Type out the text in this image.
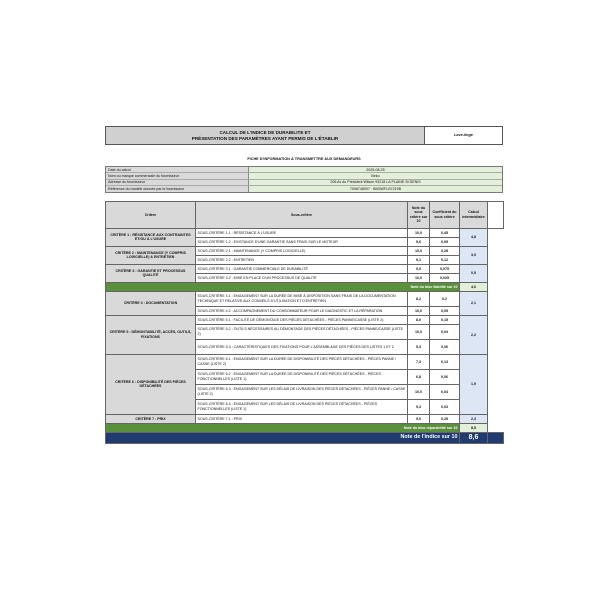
CALCUL DE L'INDICE DE DURABILITE ET
PRÉSENTATION DES PARAMÈTRES AYANT PERMIS DE L'ÉTABLIR
Lave-linge
FICHE D'INFORMATION À TRANSMETTRE AUX DEMANDEURS
Date du calcul	2025-08-25
Nom ou marque commerciale du fournisseur	Beko
Adresse du fournisseur	206 Av du Président Wilson 93218 LA PLAINE St DENIS
Référence du modèle donnée par le fournisseur	7006748007 · BM3WFU37215B
Critère	Sous-critère	Note du sous critère sur 10	Coefficient du sous critère	Calcul intermédiaire	
CRITÈRE 1 : RÉSISTANCE AUX CONTRAINTES ET/OU À L'USURE	SOUS-CRITÈRE 1.1 : RÉSISTANCE À L'USURE	10,0	0,45	4,8	
	SOUS-CRITÈRE 1.2 : EXISTANCE D'UNE GARANTIE SANS FRAIS SUR LE MOTEUR	5,6	0,05		
CRITÈRE 2 : MAINTENANCE (Y COMPRIS LOGICIELLE) & ENTRETIEN	SOUS-CRITÈRE 2.1 : MAINTENANCE (Y COMPRIS LOGICIELLE)	10,0	0,28	3,9	
	SOUS-CRITÈRE 2.2 : ENTRETIEN	9,1	0,12		
CRITÈRE 3 : GARANTIE ET PROCESSUS QUALITÉ	SOUS-CRITÈRE 3.1 : GARANTIE COMMERCIALE DE DURABILITÉ	0,0	0,075	0,5	
	SOUS-CRITÈRE 3.2 : MISE EN PLACE D'UN PROCESSUS DE QUALITÉ	10,0	0,025		
Note du bloc fiabilité sur 10				4,6	
CRITÈRE 4 : DOCUMENTATION	SOUS-CRITÈRE 4.1 : ENGAGEMENT SUR LA DURÉE DE MISE À DISPOSITION SANS FRAIS DE LA DOCUMENTATION TECHNIQUE ET RELATIVE AUX CONSEILS D'UTILISATION ET D'ENTRETIEN	8,2	0,2	2,1	
	SOUS-CRITÈRE 4.2 : ACCOMPAGNEMENT DU CONSOMMATEUR POUR LE DIAGNOSTIC ET LA RÉPARATION	10,0	0,05		
CRITÈRE 5 : DÉMONTABILITÉ, ACCÈS, OUTILS, FIXATIONS	SOUS-CRITÈRE 5.1 : FACILITÉ DE DÉMONTAGE DES PIÈCES DÉTACHÉES - PIÈCES PANNE/CASSE (LISTE 2)	8,0	0,15	2,2	
	SOUS-CRITÈRE 5.2 : OUTILS NÉCESSAIRES AU DÉMONTAGE DES PIÈCES DÉTACHÉES - PIÈCES PANNE/CASSE (LISTE 2)	10,0	0,04		
	SOUS-CRITÈRE 5.3 : CARACTÉRISTIQUES DES FIXATIONS POUR L'ASSEMBLAGE DES PIÈCES DES LISTES 1 ET 2	5,3	0,06		
CRITÈRE 6 : DISPONIBILITÉ DES PIÈCES DÉTACHÉES	SOUS-CRITÈRE 6.1 : ENGAGEMENT SUR LA DURÉE DE DISPONIBILITÉ DES PIÈCES DÉTACHÉES - PIÈCES PANNE / CASSE (LISTE 2)	7,3	0,13	1,9	
	SOUS-CRITÈRE 6.2 : ENGAGEMENT SUR LA DURÉE DE DISPONIBILITÉ DES PIÈCES DÉTACHÉES - PIÈCES FONCTIONNELLES (LISTE 1)	6,8	0,06		
	SOUS-CRITÈRE 6.3 : ENGAGEMENT SUR LES DÉLAIS DE LIVRAISON DES PIÈCES DÉTACHÉES - PIÈCES PANNE / CASSE (LISTE 2)	10,0	0,04		
	SOUS-CRITÈRE 6.4 : ENGAGEMENT SUR LES DÉLAIS DE LIVRAISON DES PIÈCES DÉTACHÉES - PIÈCES FONCTIONNELLES (LISTE 1)	9,3	0,03		
CRITÈRE 7 : PRIX	SOUS-CRITÈRE 7.1 : PRIX	9,0	0,25	2,3	
Note du bloc réparabilité sur 10				8,5	
Note de l'indice sur 10				8,6	
